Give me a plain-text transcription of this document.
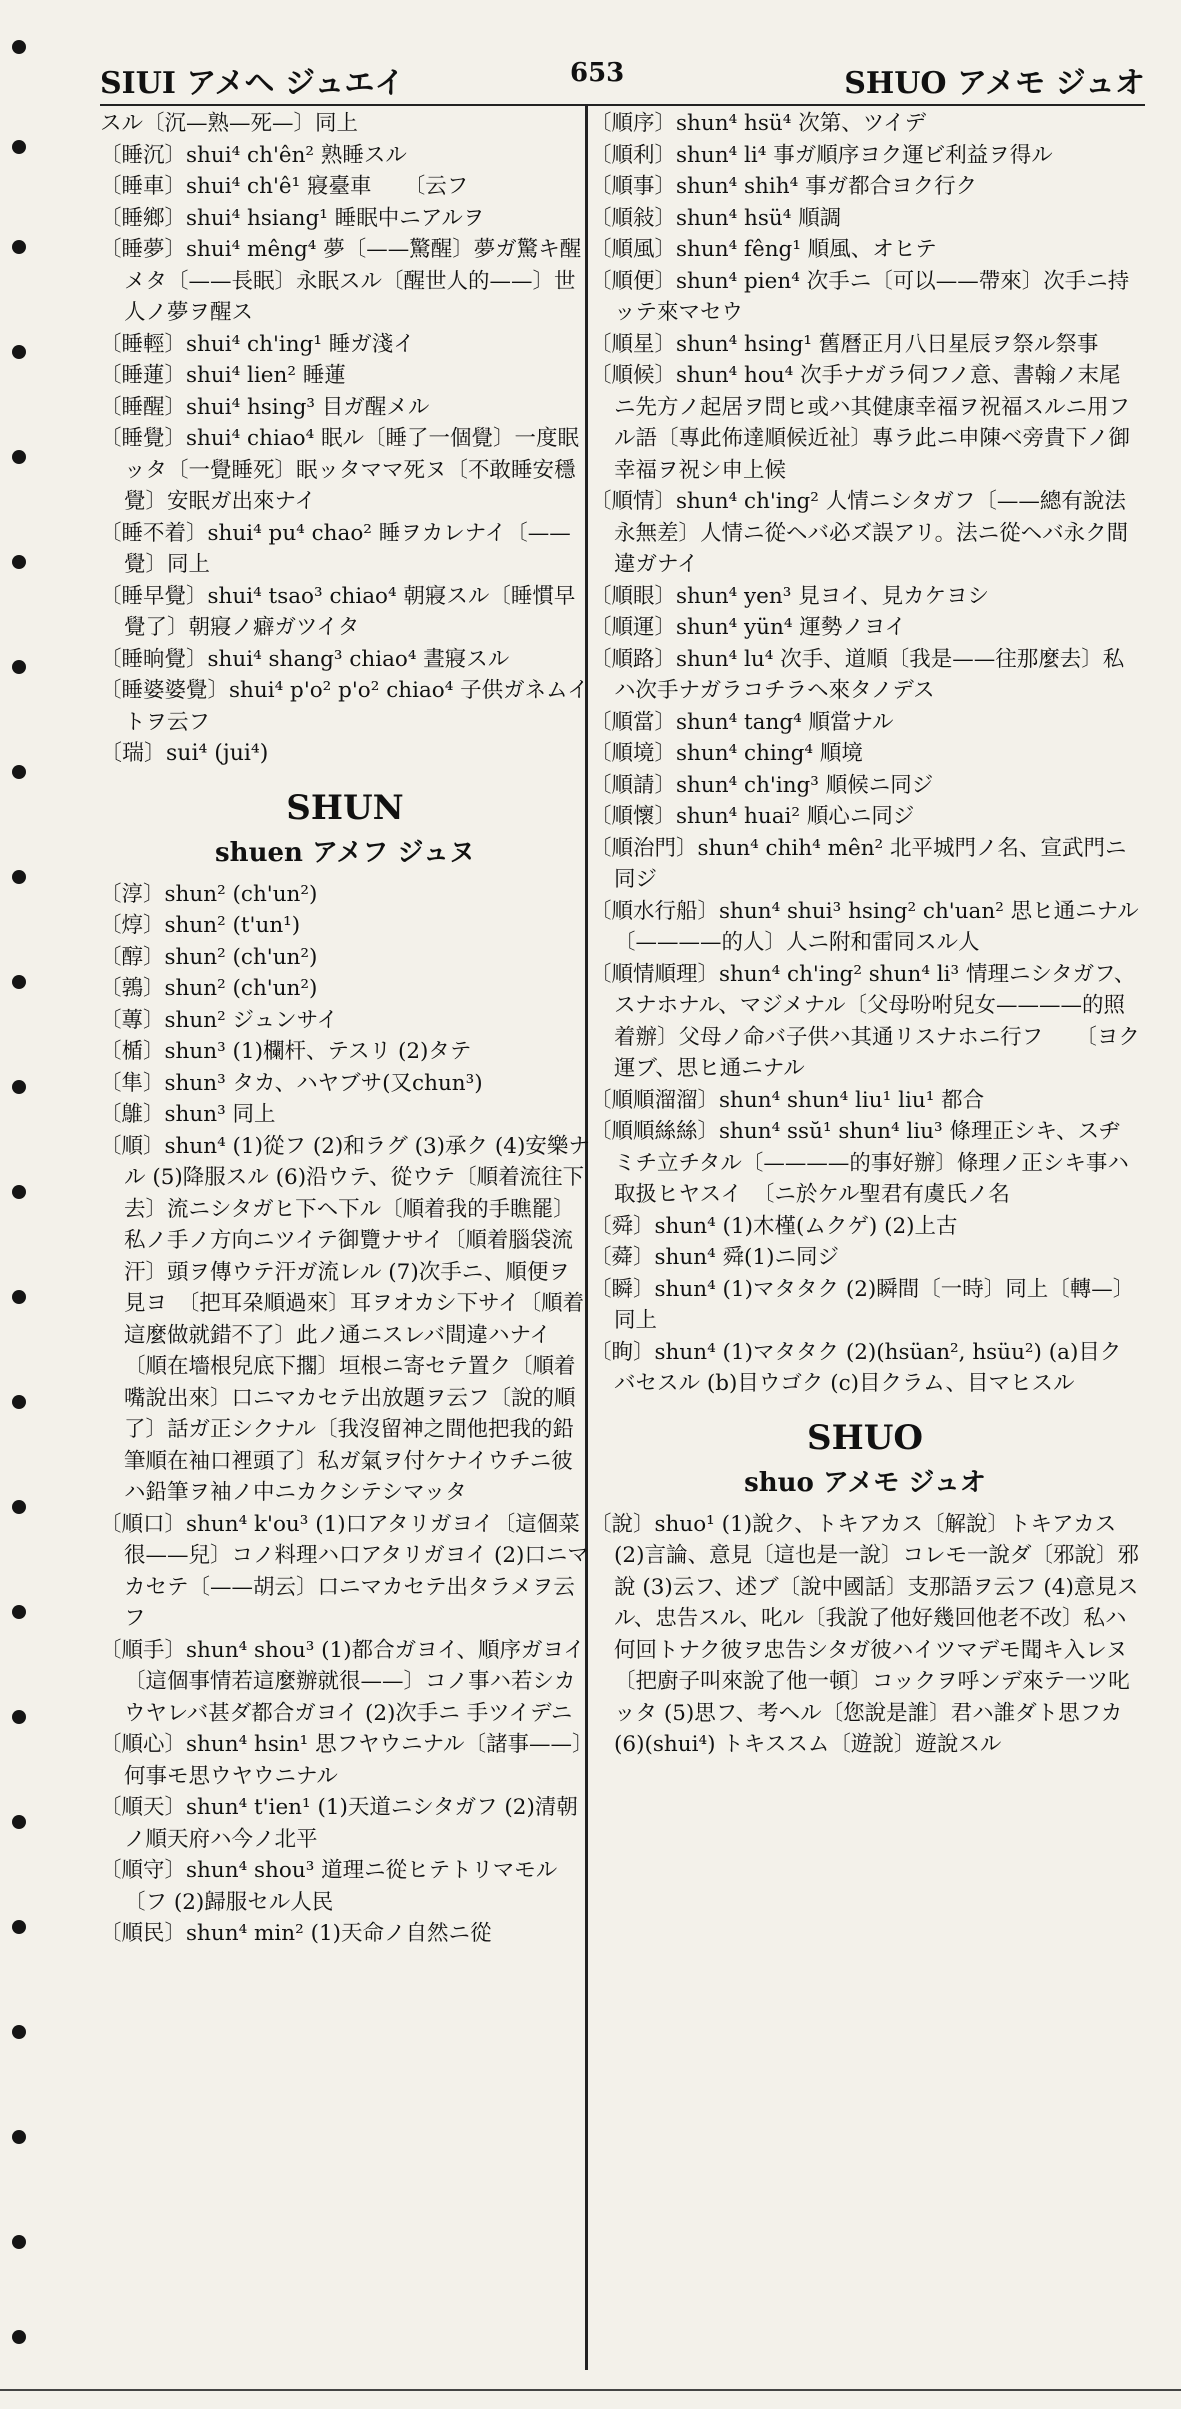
SIUI アメヘ ジュエイ	653	SHUO アメモ ジュオ

スル〔沉—熟—死—〕同上

〔睡沉〕shui⁴ ch'ên² 熟睡スル

〔睡車〕shui⁴ ch'ê¹ 寢臺車　　〔云フ

〔睡鄉〕shui⁴ hsiang¹ 睡眠中ニアルヲ

〔睡夢〕shui⁴ mêng⁴ 夢〔——驚醒〕夢ガ驚キ醒メタ〔——長眠〕永眠スル〔醒世人的——〕世人ノ夢ヲ醒ス

〔睡輕〕shui⁴ ch'ing¹ 睡ガ淺イ

〔睡蓮〕shui⁴ lien² 睡蓮

〔睡醒〕shui⁴ hsing³ 目ガ醒メル

〔睡覺〕shui⁴ chiao⁴ 眠ル〔睡了一個覺〕一度眠ッタ〔一覺睡死〕眠ッタママ死ヌ〔不敢睡安穩覺〕安眠ガ出來ナイ

〔睡不着〕shui⁴ pu⁴ chao² 睡ヲカレナイ〔——覺〕同上

〔睡早覺〕shui⁴ tsao³ chiao⁴ 朝寢スル〔睡慣早覺了〕朝寢ノ癖ガツイタ

〔睡晌覺〕shui⁴ shang³ chiao⁴ 晝寢スル

〔睡婆婆覺〕shui⁴ p'o² p'o² chiao⁴ 子供ガネムイトヲ云フ

〔瑞〕sui⁴ (jui⁴)

SHUN
shuen アメフ ジュヌ

〔淳〕shun² (ch'un²)

〔焞〕shun² (t'un¹)

〔醇〕shun² (ch'un²)

〔鶉〕shun² (ch'un²)

〔蓴〕shun² ジュンサイ

〔楯〕shun³ (1)欄杆、テスリ (2)タテ

〔隼〕shun³ タカ、ハヤブサ(又chun³)

〔鵻〕shun³ 同上

〔順〕shun⁴ (1)從フ (2)和ラグ (3)承ク (4)安樂ナル (5)降服スル (6)沿ウテ、從ウテ〔順着流往下去〕流ニシタガヒ下ヘ下ル〔順着我的手瞧罷〕私ノ手ノ方向ニツイテ御覽ナサイ〔順着腦袋流汗〕頭ヲ傳ウテ汗ガ流レル (7)次手ニ、順便ヲ見ヨ　〔把耳朶順過來〕耳ヲオカシ下サイ〔順着這麼做就錯不了〕此ノ通ニスレバ間違ハナイ〔順在墻根兒底下擱〕垣根ニ寄セテ置ク〔順着嘴說出來〕口ニマカセテ出放題ヲ云フ〔說的順了〕話ガ正シクナル〔我沒留神之間他把我的鉛筆順在袖口裡頭了〕私ガ氣ヲ付ケナイウチニ彼ハ鉛筆ヲ袖ノ中ニカクシテシマッタ

〔順口〕shun⁴ k'ou³ (1)口アタリガヨイ〔這個菜很——兒〕コノ料理ハ口アタリガヨイ (2)口ニマカセテ〔——胡云〕口ニマカセテ出タラメヲ云フ

〔順手〕shun⁴ shou³ (1)都合ガヨイ、順序ガヨイ〔這個事情若這麼辦就很——〕コノ事ハ若シカウヤレバ甚ダ都合ガヨイ (2)次手ニ 手ツイデニ

〔順心〕shun⁴ hsin¹ 思フヤウニナル〔諸事——〕何事モ思ウヤウニナル

〔順天〕shun⁴ t'ien¹ (1)天道ニシタガフ (2)清朝ノ順天府ハ今ノ北平

〔順守〕shun⁴ shou³ 道理ニ從ヒテトリマモル　　〔フ (2)歸服セル人民

〔順民〕shun⁴ min² (1)天命ノ自然ニ從

〔順序〕shun⁴ hsü⁴ 次第、ツイデ

〔順利〕shun⁴ li⁴ 事ガ順序ヨク運ビ利益ヲ得ル

〔順事〕shun⁴ shih⁴ 事ガ都合ヨク行ク

〔順敍〕shun⁴ hsü⁴ 順調

〔順風〕shun⁴ fêng¹ 順風、オヒテ

〔順便〕shun⁴ pien⁴ 次手ニ〔可以——帶來〕次手ニ持ッテ來マセウ

〔順星〕shun⁴ hsing¹ 舊曆正月八日星辰ヲ祭ル祭事

〔順候〕shun⁴ hou⁴ 次手ナガラ伺フノ意、書翰ノ末尾ニ先方ノ起居ヲ問ヒ或ハ其健康幸福ヲ祝福スルニ用フル語〔專此佈達順候近祉〕專ラ此ニ申陳ベ旁貴下ノ御幸福ヲ祝シ申上候

〔順情〕shun⁴ ch'ing² 人情ニシタガフ〔——總有說法永無差〕人情ニ從ヘバ必ズ誤アリ。法ニ從ヘバ永ク間違ガナイ

〔順眼〕shun⁴ yen³ 見ヨイ、見カケヨシ

〔順運〕shun⁴ yün⁴ 運勢ノヨイ

〔順路〕shun⁴ lu⁴ 次手、道順〔我是——往那麼去〕私ハ次手ナガラコチラヘ來タノデス

〔順當〕shun⁴ tang⁴ 順當ナル

〔順境〕shun⁴ ching⁴ 順境

〔順請〕shun⁴ ch'ing³ 順候ニ同ジ

〔順懷〕shun⁴ huai² 順心ニ同ジ

〔順治門〕shun⁴ chih⁴ mên² 北平城門ノ名、宣武門ニ同ジ

〔順水行船〕shun⁴ shui³ hsing² ch'uan² 思ヒ通ニナル〔————的人〕人ニ附和雷同スル人

〔順情順理〕shun⁴ ch'ing² shun⁴ li³ 情理ニシタガフ、スナホナル、マジメナル〔父母吩咐兒女————的照着辦〕父母ノ命バ子供ハ其通リスナホニ行フ　　〔ヨク運ブ、思ヒ通ニナル

〔順順溜溜〕shun⁴ shun⁴ liu¹ liu¹ 都合

〔順順絲絲〕shun⁴ ssŭ¹ shun⁴ liu³ 條理正シキ、スヂミチ立チタル〔————的事好辦〕條理ノ正シキ事ハ取扱ヒヤスイ　〔ニ於ケル聖君有虞氏ノ名

〔舜〕shun⁴ (1)木槿(ムクゲ) (2)上古

〔蕣〕shun⁴ 舜(1)ニ同ジ

〔瞬〕shun⁴ (1)マタタク (2)瞬間〔一時〕同上〔轉—〕同上

〔眴〕shun⁴ (1)マタタク (2)(hsüan², hsüu²) (a)目クバセスル (b)目ウゴク (c)目クラム、目マヒスル

SHUO
shuo アメモ ジュオ

〔說〕shuo¹ (1)說ク、トキアカス〔解說〕トキアカス (2)言論、意見〔這也是一說〕コレモ一說ダ〔邪說〕邪說 (3)云フ、述ブ〔說中國話〕支那語ヲ云フ (4)意見スル、忠告スル、叱ル〔我說了他好幾回他老不改〕私ハ何回トナク彼ヲ忠告シタガ彼ハイツマデモ聞キ入レヌ〔把廚子叫來說了他一頓〕コックヲ呼ンデ來テ一ツ叱ッタ (5)思フ、考ヘル〔您說是誰〕君ハ誰ダト思フカ (6)(shui⁴) トキススム〔遊說〕遊說スル
